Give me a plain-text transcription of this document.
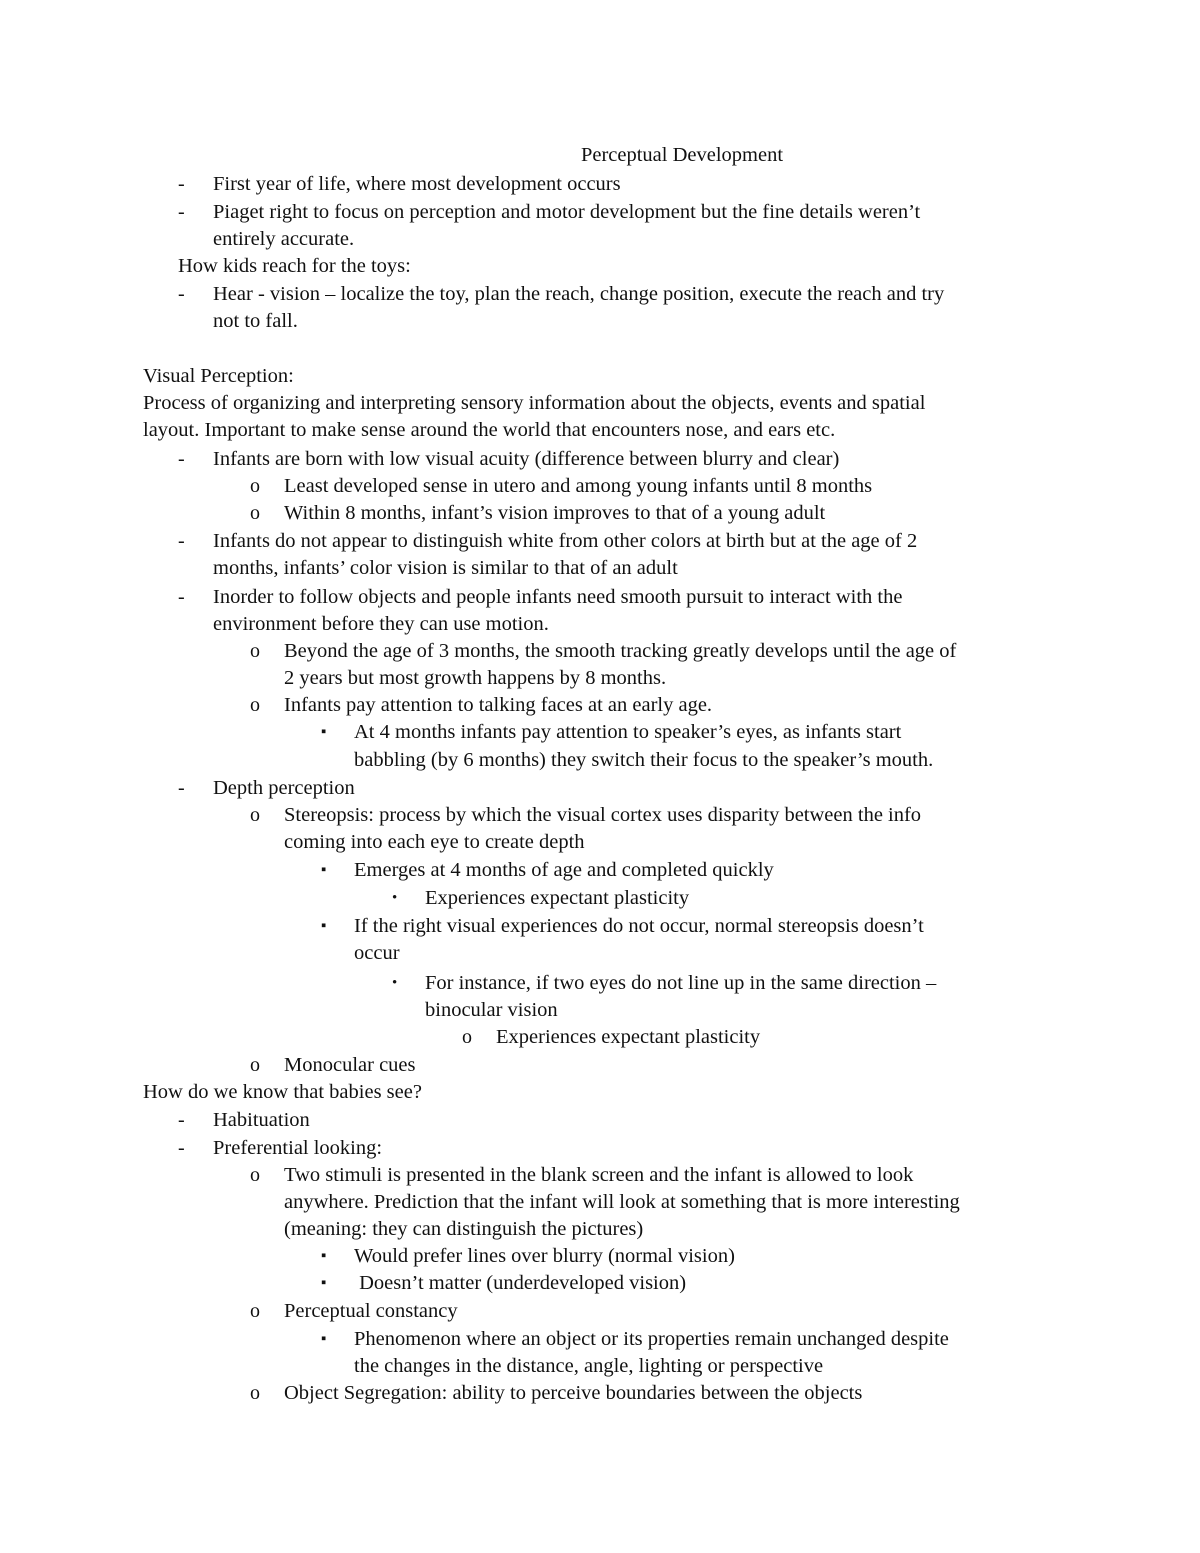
Perceptual Development

- First year of life, where most development occurs

- Piaget right to focus on perception and motor development but the fine details weren’t

entirely accurate.

How kids reach for the toys:

- Hear - vision – localize the toy, plan the reach, change position, execute the reach and try

not to fall.

Visual Perception:

Process of organizing and interpreting sensory information about the objects, events and spatial

layout. Important to make sense around the world that encounters nose, and ears etc.

- Infants are born with low visual acuity (difference between blurry and clear)

o Least developed sense in utero and among young infants until 8 months

o Within 8 months, infant’s vision improves to that of a young adult

- Infants do not appear to distinguish white from other colors at birth but at the age of 2

months, infants’ color vision is similar to that of an adult

- Inorder to follow objects and people infants need smooth pursuit to interact with the

environment before they can use motion.

o Beyond the age of 3 months, the smooth tracking greatly develops until the age of

2 years but most growth happens by 8 months.

o Infants pay attention to talking faces at an early age.

▪ At 4 months infants pay attention to speaker’s eyes, as infants start

babbling (by 6 months) they switch their focus to the speaker’s mouth.

- Depth perception

o Stereopsis: process by which the visual cortex uses disparity between the info

coming into each eye to create depth

▪ Emerges at 4 months of age and completed quickly

• Experiences expectant plasticity

▪ If the right visual experiences do not occur, normal stereopsis doesn’t

occur

• For instance, if two eyes do not line up in the same direction –

binocular vision

o Experiences expectant plasticity

o Monocular cues

How do we know that babies see?

- Habituation

- Preferential looking:

o Two stimuli is presented in the blank screen and the infant is allowed to look

anywhere. Prediction that the infant will look at something that is more interesting

(meaning: they can distinguish the pictures)

▪ Would prefer lines over blurry (normal vision)

▪ Doesn’t matter (underdeveloped vision)

o Perceptual constancy

▪ Phenomenon where an object or its properties remain unchanged despite

the changes in the distance, angle, lighting or perspective

o Object Segregation: ability to perceive boundaries between the objects
